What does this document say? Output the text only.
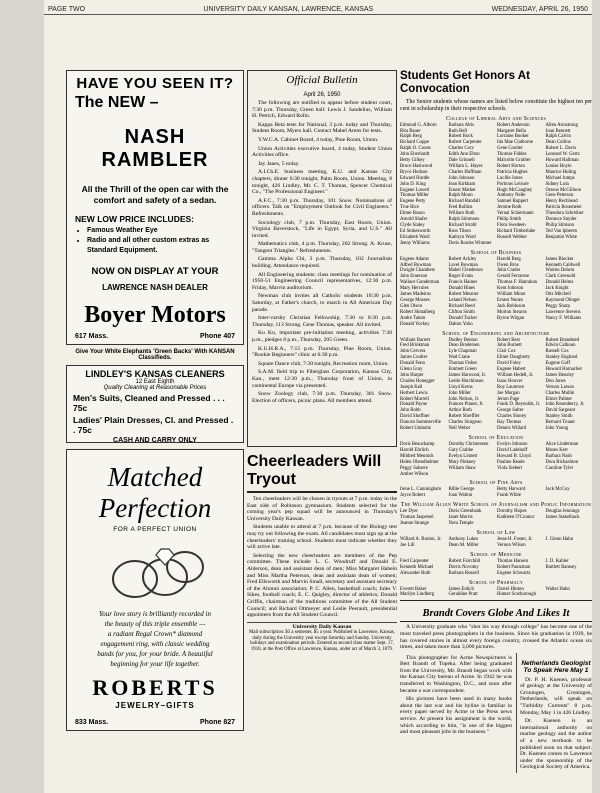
PAGE TWO	UNIVERSITY DAILY KANSAN, LAWRENCE, KANSAS	WEDNESDAY, APRIL 26, 1950
HAVE YOU SEEN IT?
The NEW –
NASH RAMBLER
All the Thrill of the open car with the comfort and safety of a sedan.
NEW LOW PRICE INCLUDES:
• Famous Weather Eye
• Radio and all other custom extras as Standard Equipment.
NOW ON DISPLAY AT YOUR
LAWRENCE NASH DEALER
Boyer Motors
617 Mass.	Phone 407
Give Your White Elephants 'Green Backs' With KANSAN Classifieds.
LINDLEY'S KANSAS CLEANERS
12 East Eighth
Quality Cleaning at Reasonable Prices
Men's Suits, Cleaned and Pressed . . . 75c
Ladies' Plain Dresses, Cl. and Pressed . . 75c
CASH AND CARRY ONLY
Matched Perfection
FOR A PERFECT UNION
Your love story is brilliantly recorded in
the beauty of this triple ensemble —
a radiant Regal Crown* diamond
engagement ring, with classic wedding
bands for you, for your bride. A beautiful
beginning for your life together.
ROBERTS
JEWELRY–GIFTS
833 Mass.	Phone 827
Official Bulletin
April 26, 1950

The following are notified to appear before student court, 7:30 p.m. Thursday, Green hall: Lewis J. Sandelius, William H. Petrich, Edward Rollo.

Kappa Beta tests for National, 3 p.m. today and Thursday, Student Room, Myers hall. Contact Mabel Arens for tests.

Y.W.C.A. Cabinet Board, 4 today, Pine Room, Union.

Union Activities executive board, 4 today, Student Union Activities office.

Jay Janes, 5 today.

A.I.Ch.E. business meeting, K.U. and Kansas City chapters, dinner 6:30 tonight, Palm Room, Union. Meeting, 8 tonight, 426 Lindley, Mr. C. T. Thomas, Spencer Chemical Co., "The Professional Engineer."

A.F.C., 7:30 p.m. Thursday, 101 Snow. Nominations of officers. Talk on "Employment Outlook for Civil Engineers." Refreshments.

Sociology club, 7 p.m. Thursday, East Room, Union. Virginia Baverstock, "Life in Egypt, Syria, and U.S." All invited.

Mathematics club, 4 p.m. Thursday, 202 Strong. A. Kruse, "Tangent Triangles." Refreshments.

Gamma Alpha Chi, 3 p.m. Thursday, 102 Journalism building. Attendance required.

All Engineering students: class meetings for nomination of 1950-51 Engineering Council representatives, 12:30 p.m. Friday, Marvin auditorium.

Newman club invites all Catholic students 10:30 p.m. Saturday, at Father's church, to march in All American Day parade.

Inter-varsity Christian Fellowship, 7:30 to 8:30 p.m. Thursday, 113 Strong. Gene Thomas, speaker. All invited.

Ku Ku, important pre-initiation meeting, activities 7:30 p.m., pledges 8 p.m., Thursday, 205 Green.

K.U.H.R.A., 7:15 p.m. Thursday, Pine Room, Union. "Rookie Beginners" clinic at 6:30 p.m.

Square Dance club, 7:30 tonight, Recreation room, Union.

S.A.M. field trip to Fiberglass Corporation, Kansas City, Kan., meet 12:30 p.m., Thursday front of Union, in continental Europe via presented.

Snow Zoology club, 7:30 p.m. Thursday, 301 Snow. Election of officers, picnic plans. All members attend.

Cheerleaders Will Tryout

Ten cheerleaders will be chosen in tryouts at 7 p.m. today in the East side of Robinson gymnasium. Students selected for the coming year's pep squad will be announced in Thursday's University Daily Kansan.

Students unable to attend at 7 p.m. because of the Biology test may try out following the exam. All candidates must sign up at the cheerleaders' training school. Students must indicate whether they will arrive late.

Selecting the new cheerleaders are members of the Pep committee. These include: L. C. Woodruff and Donald E. Alderson, dean and assistant dean of men; Miss Margaret Habein and Miss Martha Peterson, dean and assistant dean of women; Fred Ellsworth and Marvin Small, secretary and assistant secretary of the Alumni association; P. C. Allen, basketball coach; Jules V. Sikes, football coach; E. C. Quigley, director of athletics; Donald Griffin, chairman of the traditions committee of the All Student Council; and Richard Ottmeyer and Leslie Peerault, presidential appointees from the All Student Council.

University Daily Kansan
Mail subscription: $3 a semester, $5 a year. Published in Lawrence, Kansas, daily during the University year except Saturday and Sunday. University holidays and examination periods. Entered as second class matter Sept. 17, 1910, at the Post Office at Lawrence, Kansas, under act of March 3, 1879.
Students Get Honors At Convocation
The Senior students whose names are listed below constitute the highest ten per cent in scholarship in their respective schools.
College of Liberal Arts and Sciences
Edmond G. Alborn	Barbara Altis	Robert Anderson	Allen Armstrong
Rita Bauer	Ruth Bell	Margaret Bella	Joan Bennett
Ralph Berg	Robert Bock	Lorraine Booker	Ralph Calvin
Richard Coppe	Robert Carpenter	Ida Mae Clatborne	Dean Collins
Ralph O. Coons	Charles Cory	Gene Coulter	Robert L. Davis
John Eberhardt	Edith Ann Elton	Thomas Fiddes	Leonard W. Gertz
Betty Gilkey	Dale Grinnell	Malcolm Grubler	Howard Hallman
Bruce Haslwood	William L. Hayes	Robert Horton	Louise Hoyle
Bryce Hudson	Charles Huffman	Patricia Hughes	Maurice Huling
Edward Hurdle	John Johnson	Lucille Jones	Michael Jumps
John D. King	Jean Kirkham	Portious Leisure	Sidney Lola
Eugene Lowerl	Ernest Mather	Hugh McCaughey	Orseus McGilloon
Thomas Miller	Ralph Moon	Anthony Nelle	Gene Peterson
Eugene Petty	Richard Randall	Samuel Ruppert	Henry Rechhead
True Rice	Fred Rollins	Jerome Roth	Patricia Rosemeier
Elmer Russo	William Ruth	Vernal Schiermann	Theodora Schreiber
Arnold Shafer	Ralph Simmons	Philip Smith	Dorance Snyder
Clyde Staley	Richard Strobl	Flora Swedeen	Philip Stimson
Ed Stokesworth	Ross Tilsen	Richard Timberlake	Ted Van Ipberen
Elizabeth Ward	Kathryn Ward	Russell Webber	Benjamin White
Jenny Williams	Doris Roules Wimmer
School of Business
Eugene Adams	Robert Ackley	Harold Berg	James Blocker
Alfred Bowman	Lavel Bowman	Owen Bros	Kenneth Caldwell
Dwight Chambers	Mabel Clendenon	John Crader	Warren Dohrm
John Emerson	Roger Evans	Gerald Ferrarese	Clark Greenold
Wallace Gunderman	Francis Haines	Thomas F. Hanrahan	Donald Helms
Mary Hercules	Donald Hines	Kent Johnson	Jack Knight
James Madeiros	Robert Mesmer	William Minor	Otis Mitchell
George Mosses	Leland Nelson	Ernest Nunez	Raymond Olinger
Glen Olson	Richard Reed	Jack Robinson	Peggy Sharp
Robert Shmalberg	Clifton Smith	Morton Stearns	Lawrence Stevens
Andre Tatum	Donald Tucker	Byron Wirgan	Nancy F. Williams
Donald Yockey	Dalton Yoho
School of Engineering and Architecture
William Barrett	Dudley Benton	Robert Best	Robert Brandsted
Fred Brinkman	Dean Brodersen	John Burnett	Edwin Calhoun
John Cervera	Lyle Chapman	Clair Cox	Russell Cox
James Coulter	Wad Crane	Elmer Daugherty	Stanley Englund
Donald Fenn	Thomas Fisher	David Foley	Eugene Goff
Glenn Gray	Emmett Green	Eugene Habert	Howard Harnacher
John Harper	James Harwood, Jr.	William Hedell, Jr.	James Hensley
Charles Honegger	Leslie Hutchinson	Isaac Hoover	Don Jones
Joseph Keil	Lloyd Kerns	Roy Laurence	Vernon Larson
Herbert Lewis	John Miller	Joe Morgan	Charles Mullin
Robert Murrell	John Nelson, Jr.	Jerom Page	Elmer Palmer
Donald Payne	Frances Pinner, Jr.	Frank D. Reynolds, Jr.	John Rosenberry, Jr.
John Robb	Arthur Roth	George Salter	David Sargeant
David Shoffner	Robert Shreffler	Charles Shorey	Stanley Smith
Duncan Sommerville	Charles Sturgeon	Ray Thomas	Bernard Truaut
Robert Umholtz	Neil Weber	Dennis Willard	John Young
School of Education
Doris Beauchamp	Dorothy Christensen	Evelyn Johnson	Alice Linderman
Harold Ehrlich	Gary Crabbe	David Ladehoff	Moses Kerr
Mildred Mennick	Evelyn Linnett	Howard B. Lloyd	Barbara Nash
Helen Obendhelmer	Mary Pinkney	Pauline Reade	Dora Richardson
Peggy Sabarre	William Shaw	Viola Siebert	Caroline Tyler
Amber Wilson
School of Fine Arts
Irene L. Cunningham	Billie George	Betty Harward	Jack McCoy
Joyce Robert	Joan Walton	Frank White
The William Allen White School of Journalism and Public Information
Lee Dyer	Doris Greenbank	Dorothy Hopes	Douglas Jennings
Truman Jaspersel	Janet Morris	Kathleen O'Connor	James Stakelback
Jeanne Strange	Nora Temple
School of Law
Willard A. Burton, Jr.	Anthony Lukes	Jesse H. Foster, Jr.	J. Glenn Hahn
Joe Lill	Dean M. Miller	Vernon Wilson
School of Medicine
Fred Carpenter	Robert Fairchild	Thomas Hansen	J. D. Kahler
Kenneth Michael	Dorris Novotny	Robert Pautzman	Bartlett Ramsey
Alexander Roth	Barbara Russell	Eugene Schwartz
School of Pharmacy
Everett Baker	James Enlich	Darrel Hinton	Walter Hahn
Marilyn Lindberg	Geraldine Pratt	Hunter Scarborough
Brandt Covers Globe And Likes It

A University graduate who "shot his way through college" has become one of the most traveled press photographers in the business. Since his graduation in 1939, he has covered stories in almost every foreign country, crossed the Atlantic ocean six times, and taken more than 3,000 pictures.

This photographer for Acme Newspictures is Bert Brandt of Topeka. After being graduated from the University, Mr. Brandt began work with the Kansas City bureau of Acme. In 1942 he was transferred to Washington, D.C., and soon after became a war correspondent.

His pictures have been used in many books about the last war and his byline is familiar in every paper served by Acme or the Press news service. At present his assignment is the world, which according to him, "is one of the biggest and most pleasant jobs in the business."

Netherlands Geologist To Speak Here May 1

Dr. P. H. Kuenen, professor of geology at the University of Groningen, Groningen, Netherlands, will speak on "Turbidity Currents" 8 p.m. Monday, May 1 in 426 Lindley.

Dr. Kuenen is an international authority on marine geology and the author of a new textbook to be published soon on that subject. Dr. Kuenen comes to Lawrence under the sponsorship of the Geological Society of America.
